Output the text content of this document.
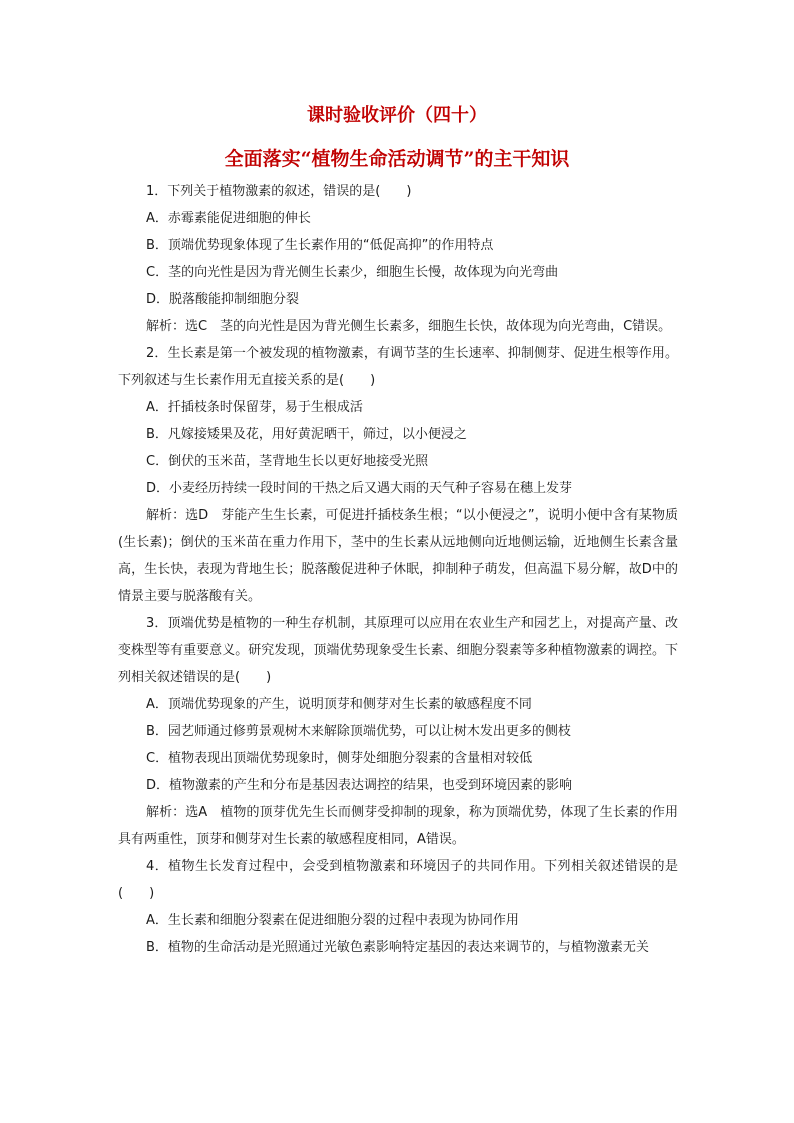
课时验收评价（四十）
全面落实“植物生命活动调节”的主干知识

1．下列关于植物激素的叙述，错误的是(　　)

A．赤霉素能促进细胞的伸长

B．顶端优势现象体现了生长素作用的“低促高抑”的作用特点

C．茎的向光性是因为背光侧生长素少，细胞生长慢，故体现为向光弯曲

D．脱落酸能抑制细胞分裂

解析：选C　茎的向光性是因为背光侧生长素多，细胞生长快，故体现为向光弯曲，C错误。

2．生长素是第一个被发现的植物激素，有调节茎的生长速率、抑制侧芽、促进生根等作用。下列叙述与生长素作用无直接关系的是(　　)

A．扦插枝条时保留芽，易于生根成活

B．凡嫁接矮果及花，用好黄泥晒干，筛过，以小便浸之

C．倒伏的玉米苗，茎背地生长以更好地接受光照

D．小麦经历持续一段时间的干热之后又遇大雨的天气种子容易在穗上发芽

解析：选D　芽能产生生长素，可促进扦插枝条生根；“以小便浸之”，说明小便中含有某物质(生长素)；倒伏的玉米苗在重力作用下，茎中的生长素从远地侧向近地侧运输，近地侧生长素含量高，生长快，表现为背地生长；脱落酸促进种子休眠，抑制种子萌发，但高温下易分解，故D中的情景主要与脱落酸有关。

3．顶端优势是植物的一种生存机制，其原理可以应用在农业生产和园艺上，对提高产量、改变株型等有重要意义。研究发现，顶端优势现象受生长素、细胞分裂素等多种植物激素的调控。下列相关叙述错误的是(　　)

A．顶端优势现象的产生，说明顶芽和侧芽对生长素的敏感程度不同

B．园艺师通过修剪景观树木来解除顶端优势，可以让树木发出更多的侧枝

C．植物表现出顶端优势现象时，侧芽处细胞分裂素的含量相对较低

D．植物激素的产生和分布是基因表达调控的结果，也受到环境因素的影响

解析：选A　植物的顶芽优先生长而侧芽受抑制的现象，称为顶端优势，体现了生长素的作用具有两重性，顶芽和侧芽对生长素的敏感程度相同，A错误。

4．植物生长发育过程中，会受到植物激素和环境因子的共同作用。下列相关叙述错误的是(　　)

A．生长素和细胞分裂素在促进细胞分裂的过程中表现为协同作用

B．植物的生命活动是光照通过光敏色素影响特定基因的表达来调节的，与植物激素无关
